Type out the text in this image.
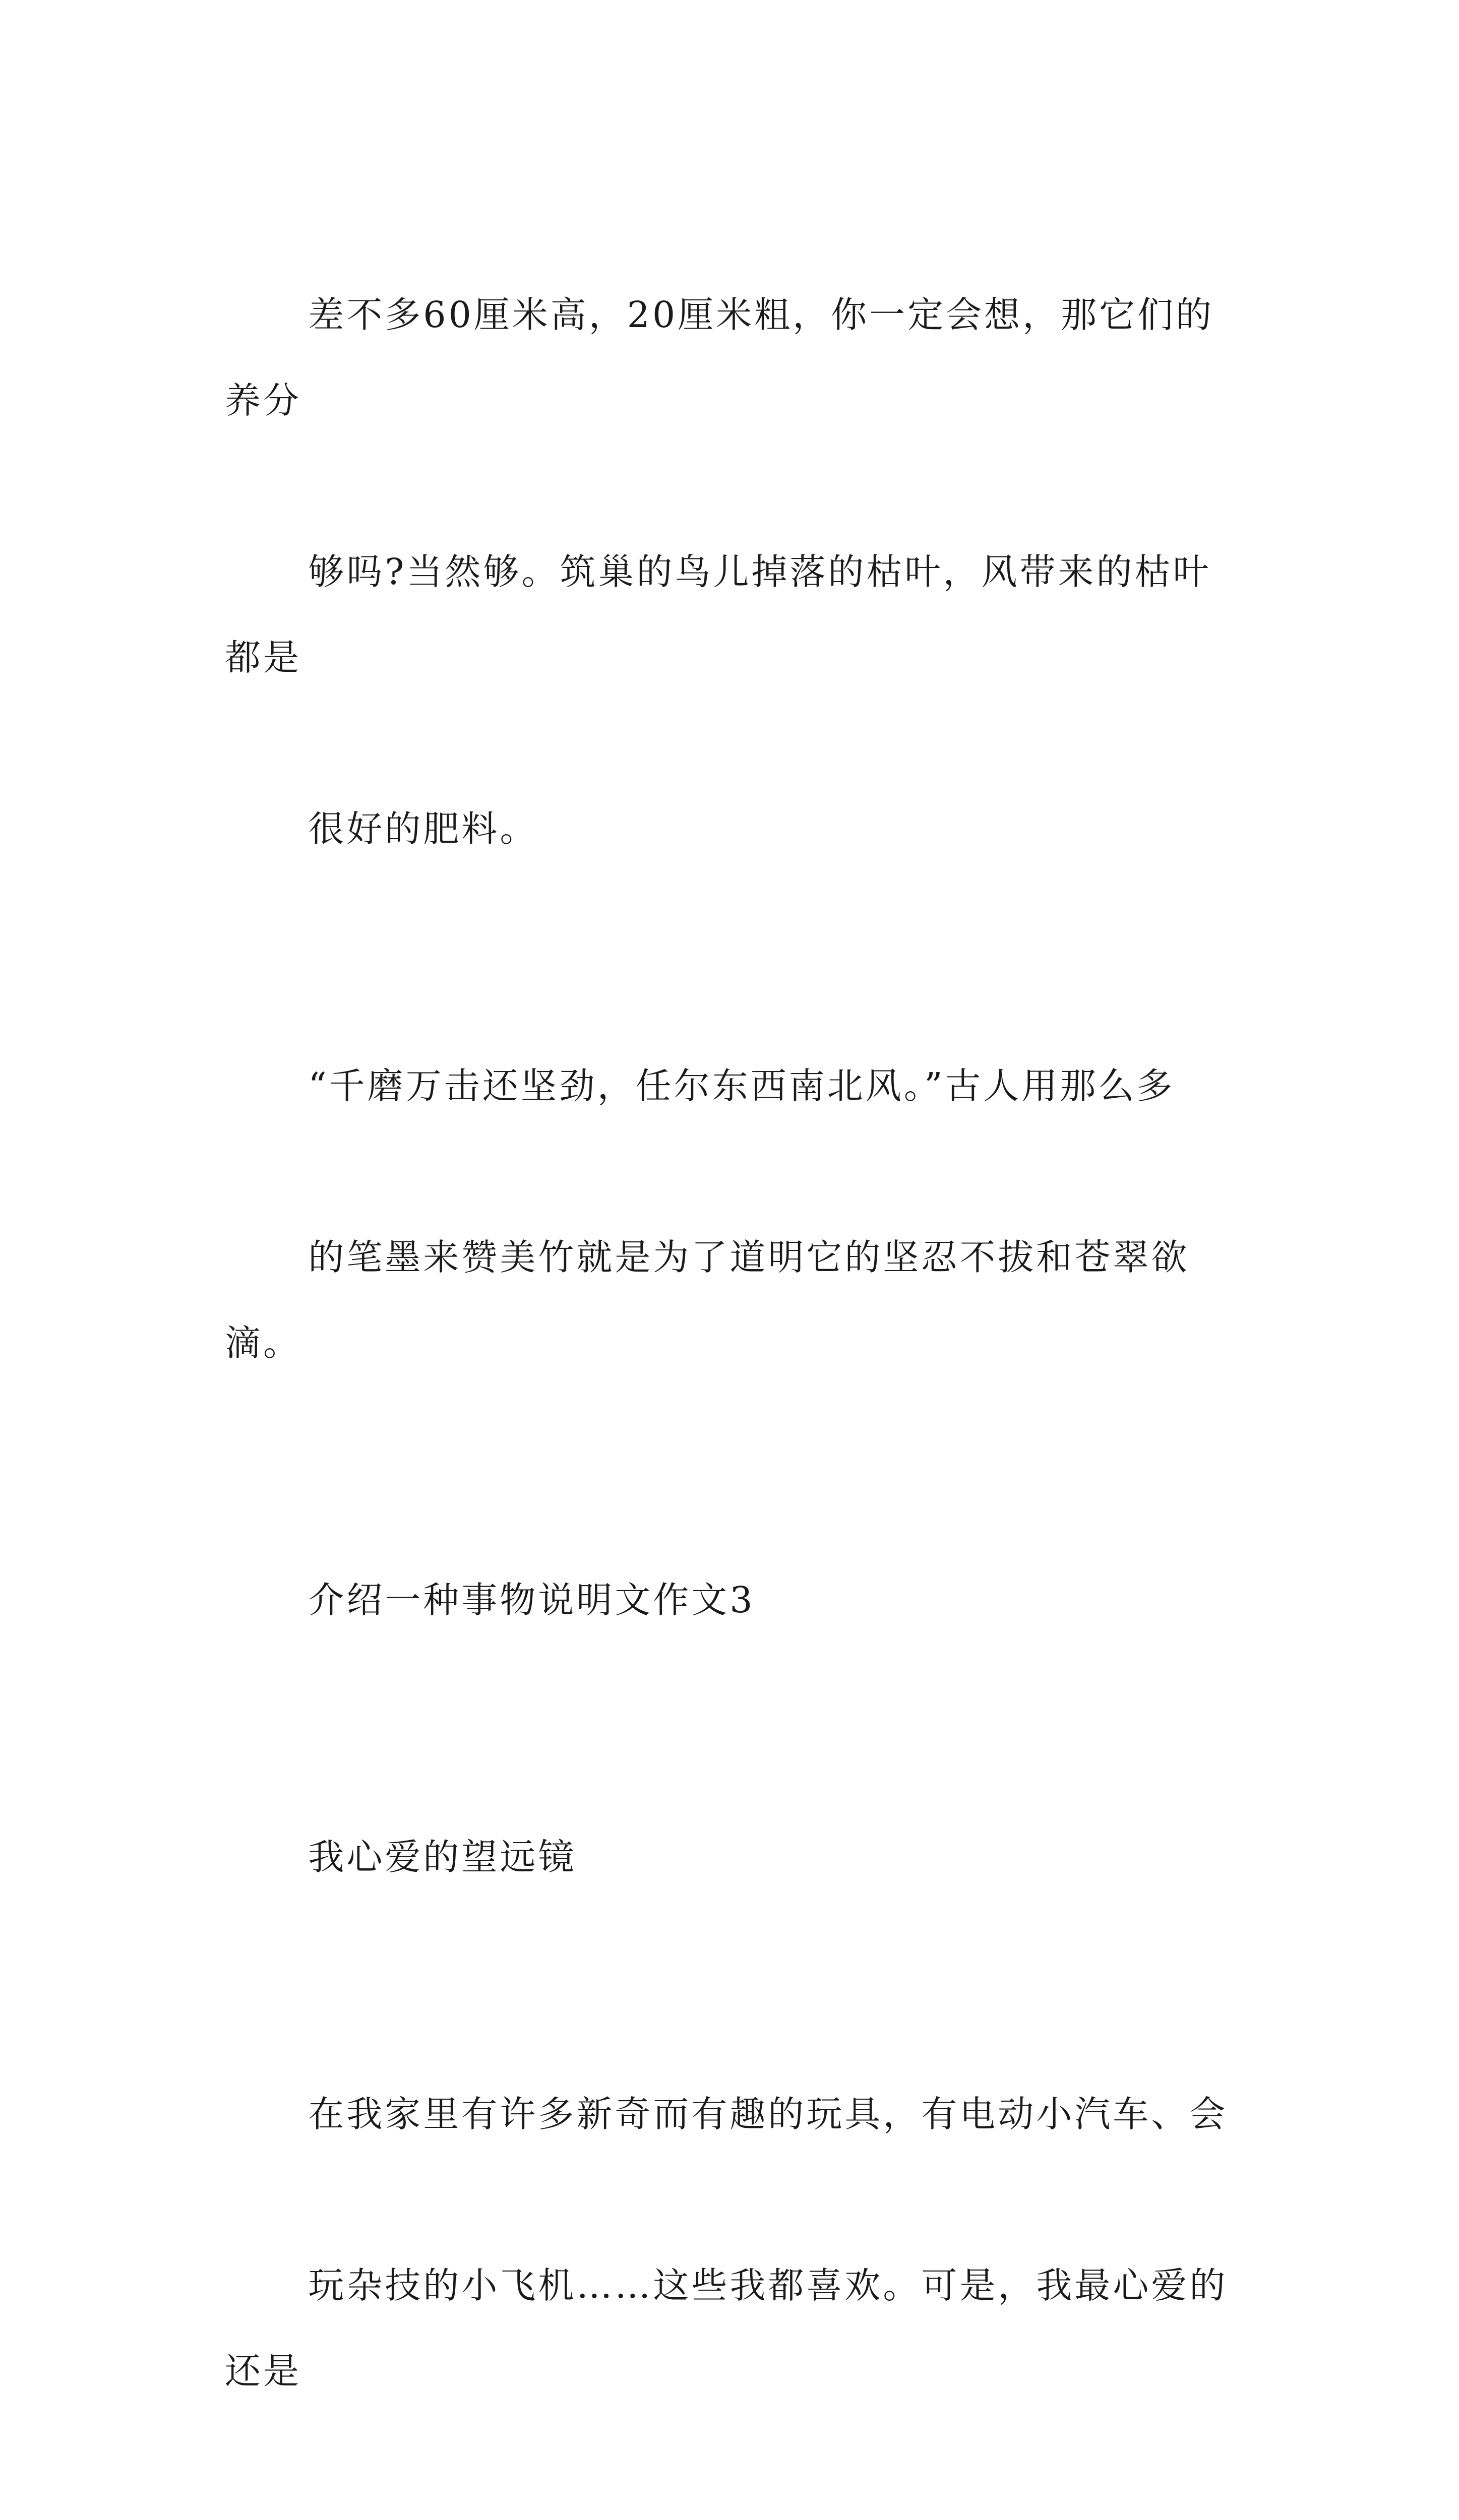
差不多60厘米高，20厘米粗，你一定会想，那它们的养分

够吗?当然够。筑巢的鸟儿掉落的枯叶，风带来的枯叶都是

很好的肥料。

“千磨万击还坚劲，任尔东西南北风。”古人用那么多

的笔墨来赞美竹就是为了道明它的坚忍不拔和苍翠欲滴。

介绍一种事物说明文作文3

我心爱的望远镜

在我家里有许多新奇而有趣的玩具，有电动小汽车、会

玩杂技的小飞机……这些我都喜欢。可是，我最心爱的还是
